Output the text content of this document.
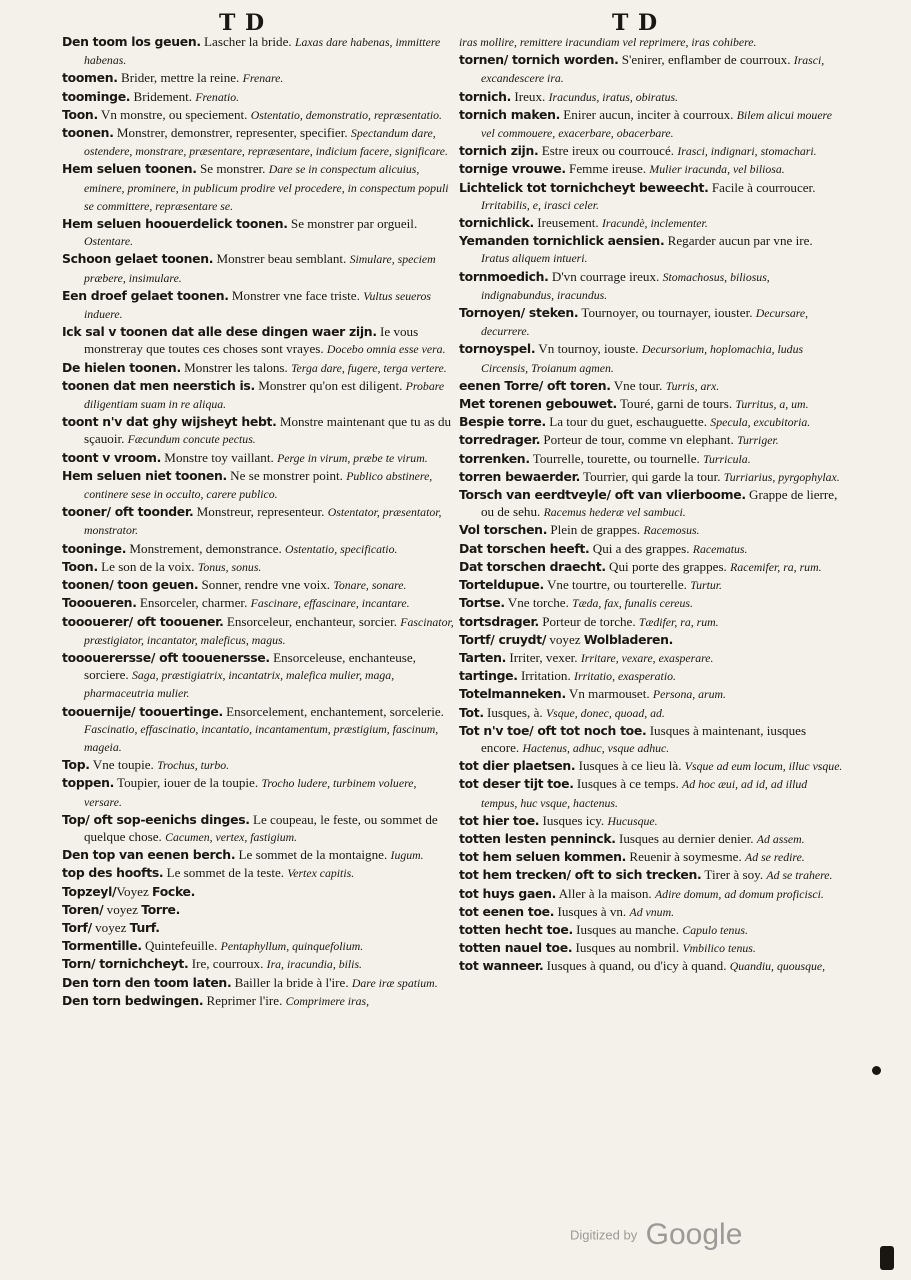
T D	T D

Den toom los geuen. Lascher la bride. Laxas dare habenas, immittere habenas.

toomen. Brider, mettre la reine. Frenare.

toominge. Bridement. Frenatio.

Toon. Vn monstre, ou speciement. Ostentatio, demonstratio, repræsentatio.

toonen. Monstrer, demonstrer, representer, specifier. Spectandum dare, ostendere, monstrare, præsentare, repræsentare, indicium facere, significare.

Hem seluen toonen. Se monstrer. Dare se in conspectum alicuius, eminere, prominere, in publicum prodire vel procedere, in conspectum populi se committere, repræsentare se.

Hem seluen hoouerdelick toonen. Se monstrer par orgueil. Ostentare.

Schoon gelaet toonen. Monstrer beau semblant. Simulare, speciem præbere, insimulare.

Een droef gelaet toonen. Monstrer vne face triste. Vultus seueros induere.

Ick sal v toonen dat alle dese dingen waer zijn. Ie vous monstreray que toutes ces choses sont vrayes. Docebo omnia esse vera.

De hielen toonen. Monstrer les talons. Terga dare, fugere, terga vertere.

toonen dat men neerstich is. Monstrer qu'on est diligent. Probare diligentiam suam in re aliqua.

toont n'v dat ghy wijsheyt hebt. Monstre maintenant que tu as du sçauoir. Fæcundum concute pectus.

toont v vroom. Monstre toy vaillant. Perge in virum, præbe te virum.

Hem seluen niet toonen. Ne se monstrer point. Publico abstinere, continere sese in occulto, carere publico.

tooner/ oft toonder. Monstreur, representeur. Ostentator, præsentator, monstrator.

tooninge. Monstrement, demonstrance. Ostentatio, specificatio.

Toon. Le son de la voix. Tonus, sonus.

toonen/ toon geuen. Sonner, rendre vne voix. Tonare, sonare.

Toooueren. Ensorceler, charmer. Fascinare, effascinare, incantare.

tooouerer/ oft toouener. Ensorceleur, enchanteur, sorcier. Fascinator, præstigiator, incantator, maleficus, magus.

tooouerersse/ oft toouenersse. Ensorceleuse, enchanteuse, sorciere. Saga, præstigiatrix, incantatrix, malefica mulier, maga, pharmaceutria mulier.

toouernije/ toouertinge. Ensorcelement, enchantement, sorcelerie. Fascinatio, effascinatio, incantatio, incantamentum, præstigium, fascinum, mageia.

Top. Vne toupie. Trochus, turbo.

toppen. Toupier, iouer de la toupie. Trocho ludere, turbinem voluere, versare.

Top/ oft sop-eenichs dinges. Le coupeau, le feste, ou sommet de quelque chose. Cacumen, vertex, fastigium.

Den top van eenen berch. Le sommet de la montaigne. Iugum.

top des hoofts. Le sommet de la teste. Vertex capitis.

Topzeyl/Voyez Focke.

Toren/ voyez Torre.

Torf/ voyez Turf.

Tormentille. Quintefeuille. Pentaphyllum, quinquefolium.

Torn/ tornichcheyt. Ire, courroux. Ira, iracundia, bilis.

Den torn den toom laten. Bailler la bride à l'ire. Dare iræ spatium.

Den torn bedwingen. Reprimer l'ire. Comprimere iras,

iras mollire, remittere iracundiam vel reprimere, iras cohibere.

tornen/ tornich worden. S'enirer, enflamber de courroux. Irasci, excandescere ira.

tornich. Ireux. Iracundus, iratus, obiratus.

tornich maken. Enirer aucun, inciter à courroux. Bilem alicui mouere vel commouere, exacerbare, obacerbare.

tornich zijn. Estre ireux ou courroucé. Irasci, indignari, stomachari.

tornige vrouwe. Femme ireuse. Mulier iracunda, vel biliosa.

Lichtelick tot tornichcheyt beweecht. Facile à courroucer. Irritabilis, e, irasci celer.

tornichlick. Ireusement. Iracundè, inclementer.

Yemanden tornichlick aensien. Regarder aucun par vne ire. Iratus aliquem intueri.

tornmoedich. D'vn courrage ireux. Stomachosus, biliosus, indignabundus, iracundus.

Tornoyen/ steken. Tournoyer, ou tournayer, iouster. Decursare, decurrere.

tornoyspel. Vn tournoy, iouste. Decursorium, hoplomachia, ludus Circensis, Troianum agmen.

eenen Torre/ oft toren. Vne tour. Turris, arx.

Met torenen gebouwet. Touré, garni de tours. Turritus, a, um.

Bespie torre. La tour du guet, eschauguette. Specula, excubitoria.

torredrager. Porteur de tour, comme vn elephant. Turriger.

torrenken. Tourrelle, tourette, ou tournelle. Turricula.

torren bewaerder. Tourrier, qui garde la tour. Turriarius, pyrgophylax.

Torsch van eerdtveyle/ oft van vlierboome. Grappe de lierre, ou de sehu. Racemus hederæ vel sambuci.

Vol torschen. Plein de grappes. Racemosus.

Dat torschen heeft. Qui a des grappes. Racematus.

Dat torschen draecht. Qui porte des grappes. Racemifer, ra, rum.

Torteldupue. Vne tourtre, ou tourterelle. Turtur.

Tortse. Vne torche. Tæda, fax, funalis cereus.

tortsdrager. Porteur de torche. Tædifer, ra, rum.

Tortf/ cruydt/ voyez Wolbladeren.

Tarten. Irriter, vexer. Irritare, vexare, exasperare.

tartinge. Irritation. Irritatio, exasperatio.

Totelmanneken. Vn marmouset. Persona, arum.

Tot. Iusques, à. Vsque, donec, quoad, ad.

Tot n'v toe/ oft tot noch toe. Iusques à maintenant, iusques encore. Hactenus, adhuc, vsque adhuc.

tot dier plaetsen. Iusques à ce lieu là. Vsque ad eum locum, illuc vsque.

tot deser tijt toe. Iusques à ce temps. Ad hoc æui, ad id, ad illud tempus, huc vsque, hactenus.

tot hier toe. Iusques icy. Hucusque.

totten lesten penninck. Iusques au dernier denier. Ad assem.

tot hem seluen kommen. Reuenir à soymesme. Ad se redire.

tot hem trecken/ oft to sich trecken. Tirer à soy. Ad se trahere.

tot huys gaen. Aller à la maison. Adire domum, ad domum proficisci.

tot eenen toe. Iusques à vn. Ad vnum.

totten hecht toe. Iusques au manche. Capulo tenus.

totten nauel toe. Iusques au nombril. Vmbilico tenus.

tot wanneer. Iusques à quand, ou d'icy à quand. Quandiu, quousque,

Digitized by Google
